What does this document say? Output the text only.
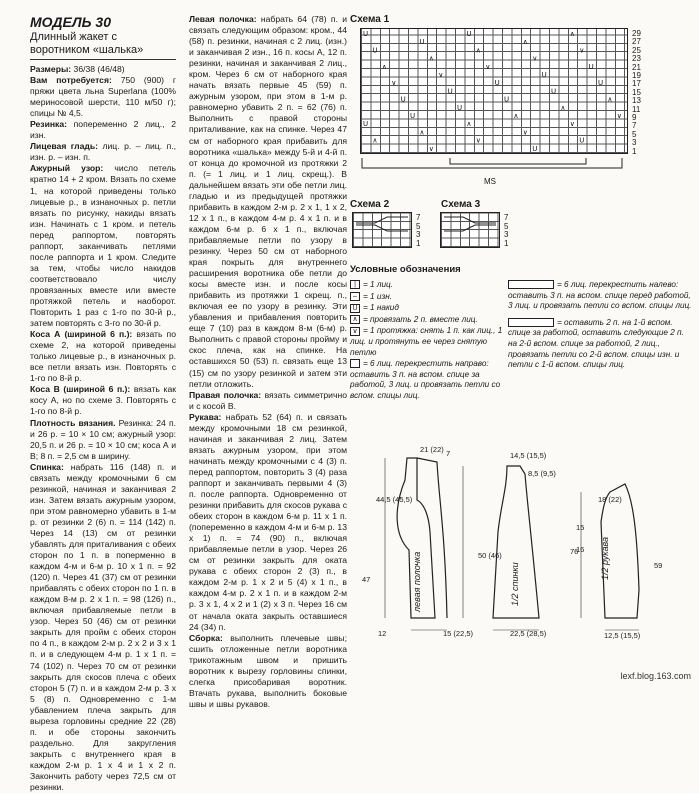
МОДЕЛЬ 30
Длинный жакет с воротником «шалька»

Размеры: 36/38 (46/48)

Вам потребуется: 750 (900) г пряжи цвета льна Superlana (100% мериносовой шерсти, 110 м/50 г); спицы № 4,5.

Резинка: попеременно 2 лиц., 2 изн.

Лицевая гладь: лиц. р. – лиц. п., изн. р. – изн. п.

Ажурный узор: число петель кратно 14 + 2 кром. Вязать по схеме 1, на которой приведены только лицевые р., в изнаночных р. петли вязать по рисунку, накиды вязать изн. Начинать с 1 кром. и петель перед раппортом, повторять раппорт, заканчивать петлями после раппорта и 1 кром. Следите за тем, чтобы число накидов соответствовало числу провязанных вместе или вместе протяжкой петель и наоборот. Повторить 1 раз с 1-го по 30-й р., затем повторять с 3-го по 30-й р.

Коса А (шириной 6 п.): вязать по схеме 2, на которой приведены только лицевые р., в изнаночных р. все петли вязать изн. Повторять с 1-го по 8-й р.

Коса В (шириной 6 п.): вязать как косу А, но по схеме 3. Повторять с 1-го по 8-й р.

Плотность вязания. Резинка: 24 п. и 26 р. = 10 × 10 см; ажурный узор: 20,5 п. и 26 р. = 10 × 10 см; коса А и В; 8 п. = 2,5 см в ширину.

Спинка: набрать 116 (148) п. и связать между кромочными 6 см резинкой, начиная и заканчивая 2 изн. Затем вязать ажурным узором, при этом равномерно убавить в 1-м р. от резинки 2 (6) п. = 114 (142) п. Через 14 (13) см от резинки убавлять для приталивания с обеих сторон по 1 п. в поперменно в каждом 4-м и 6-м р. 10 x 1 п. = 92 (120) п. Через 41 (37) см от резинки прибавлять с обеих сторон по 1 п. в каждом 8-м р. 2 x 1 п. = 98 (126) п., включая прибавляемые петли в узор. Через 50 (46) см от резинки закрыть для пройм с обеих сторон по 4 п., в каждом 2-м р. 2 x 2 и 3 x 1 п. и в следующем 4-м р. 1 x 1 п. = 74 (102) п. Через 70 см от резинки закрыть для скосов плеча с обеих сторон 5 (7) п. и в каждом 2-м р. 3 x 5 (8) п. Одновременно с 1-м убавлением плеча закрыть для выреза горловины средние 22 (28) п. и обе стороны закончить раздельно. Для закругления закрыть с внутреннего края в каждом 2-м р. 1 x 4 и 1 x 2 п. Закончить работу через 72,5 см от резинки.

Левая полочка: набрать 64 (78) п. и связать следующим образом: кром., 44 (58) п. резинки, начиная с 2 лиц. (изн.) и заканчивая 2 изн., 16 п. косы А, 12 п. резинки, начиная и заканчивая 2 лиц., кром. Через 6 см от наборного края начать вязать первые 45 (59) п. ажурным узором, при этом в 1-м р. равномерно убавить 2 п. = 62 (76) п. Выполнить с правой стороны приталивание, как на спинке. Через 47 см от наборного края прибавить для воротника «шалька» между 5-й и 4-й п. от конца до кромочной из протяжки 2 п. (= 1 лиц. и 1 лиц. скрещ.). В дальнейшем вязать эти обе петли лиц. гладью и из предыдущей протяжки прибавить в каждом 2-м р. 2 x 1, 1 x 2, 12 x 1 п., в каждом 4-м р. 4 x 1 п. и в каждом 6-м р. 6 x 1 п., включая прибавляемые петли по узору в резинку. Через 50 см от наборного края покрыть для внутреннего расширения воротника обе петли до косы вместе изн. и после косы прибавить из протяжки 1 скрещ. п., включая ее по узору в резинку. Эти убавления и прибавления повторить еще 7 (10) раз в каждом 8-м (6-м) р. Выполнить с правой стороны пройму и скос плеча, как на спинке. На оставшихся 50 (53) п. связать еще 13 (15) см по узору резинкой и затем эти петли отложить.

Правая полочка: вязать симметрично и с косой В.

Рукава: набрать 52 (64) п. и связать между кромочными 18 см резинкой, начиная и заканчивая 2 лиц. Затем вязать ажурным узором, при этом начинать между кромочными с 4 (3) п. перед раппортом, повторить 3 (4) раза раппорт и заканчивать первыми 4 (3) п. после раппорта. Одновременно от резинки прибавить для скосов рукава с обеих сторон в каждом 6-м р. 11 x 1 п. (попеременно в каждом 4-м и 6-м р. 13 x 1) п. = 74 (90) п., включая прибавляемые петли в узор. Через 26 см от резинки закрыть для оката рукава с обеих сторон 2 (3) п., в каждом 2-м р. 1 x 2 и 5 (4) x 1 п., в каждом 4-м р. 2 x 1 п. и в каждом 2-м р. 3 x 1, 4 x 2 и 1 (2) x 3 п. Через 16 см от начала оката закрыть оставшиеся 24 (34) п.

Сборка: выполнить плечевые швы; сшить отложенные петли воротника трикотажным швом и пришить воротник к вырезу горловины спинки, слегка присобаривая воротник. Втачать рукава, выполнить боковые швы и швы рукавов.

Схема 1
U	U	∧
U	∧
U	∧	∨
∧	∨
∧	∨	U
∨	U
∨	U	U
U	U
U	U	∧
U	∧
U	∧	∨
U	∧	∨
∧	∨
∧	∨	U
∨	U
29
27
25
23
21
19
17
15
13
11
9
7
5
3
1
MS
Схема 2
7
5
3
1
Схема 3
7
5
3
1
Условные обозначения
| = 1 лиц.
– = 1 изн.
U = 1 накид
∧ = провязать 2 п. вместе лиц.
∨ = 1 протяжка: снять 1 п. как лиц., 1 лиц. и протянуть ее через снятую петлю
= 6 лиц. перекрестить направо: оставить 3 п. на вспом. спице за работой, 3 лиц. и провязать петли со вспом. спицы лиц.
= 6 лиц. перекрестить налево: оставить 3 п. на вспом. спице перед работой, 3 лиц. и провязать петли со вспом. спицы лиц.
= оставить 2 п. на 1-й вспом. спице за работой, оставить следующие 2 п. на 2-й вспом. спице за работой, 2 лиц., провязать петли со 2-й вспом. спицы изн. и петли с 1-й вспом. спицы лиц.
левая полочка	1/2 спинки
1/2 рукава
21 (22) 7
44,5 (45,5)
47
50 (46)
12	15 (22,5)
14,5 (15,5)
8,5 (9,5)
76
22,5 (28,5)
18 (22)
15
16
59
12,5 (15,5)
lexf.blog.163.com
